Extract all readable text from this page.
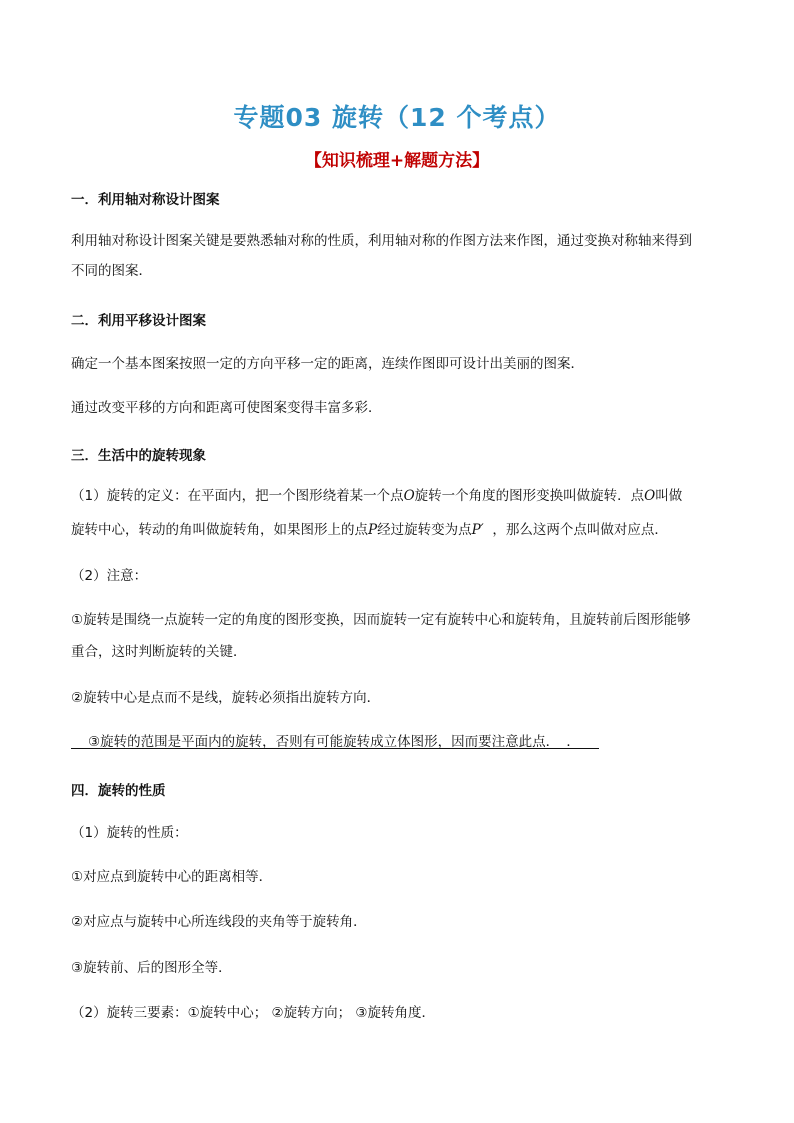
专题03 旋转（12 个考点）
【知识梳理+解题方法】
一．利用轴对称设计图案
利用轴对称设计图案关键是要熟悉轴对称的性质，利用轴对称的作图方法来作图，通过变换对称轴来得到
不同的图案．
二．利用平移设计图案
确定一个基本图案按照一定的方向平移一定的距离，连续作图即可设计出美丽的图案．
通过改变平移的方向和距离可使图案变得丰富多彩．
三．生活中的旋转现象
（1）旋转的定义：在平面内，把一个图形绕着某一个点O旋转一个角度的图形变换叫做旋转．点O叫做
旋转中心，转动的角叫做旋转角，如果图形上的点P经过旋转变为点P′ ，那么这两个点叫做对应点．
（2）注意：
①旋转是围绕一点旋转一定的角度的图形变换，因而旋转一定有旋转中心和旋转角，且旋转前后图形能够
重合，这时判断旋转的关键．
②旋转中心是点而不是线，旋转必须指出旋转方向．
③旋转的范围是平面内的旋转，否则有可能旋转成立体图形，因而要注意此点． ．
四．旋转的性质
（1）旋转的性质：
①对应点到旋转中心的距离相等．
②对应点与旋转中心所连线段的夹角等于旋转角．
③旋转前、后的图形全等．
（2）旋转三要素：①旋转中心； ②旋转方向； ③旋转角度．
